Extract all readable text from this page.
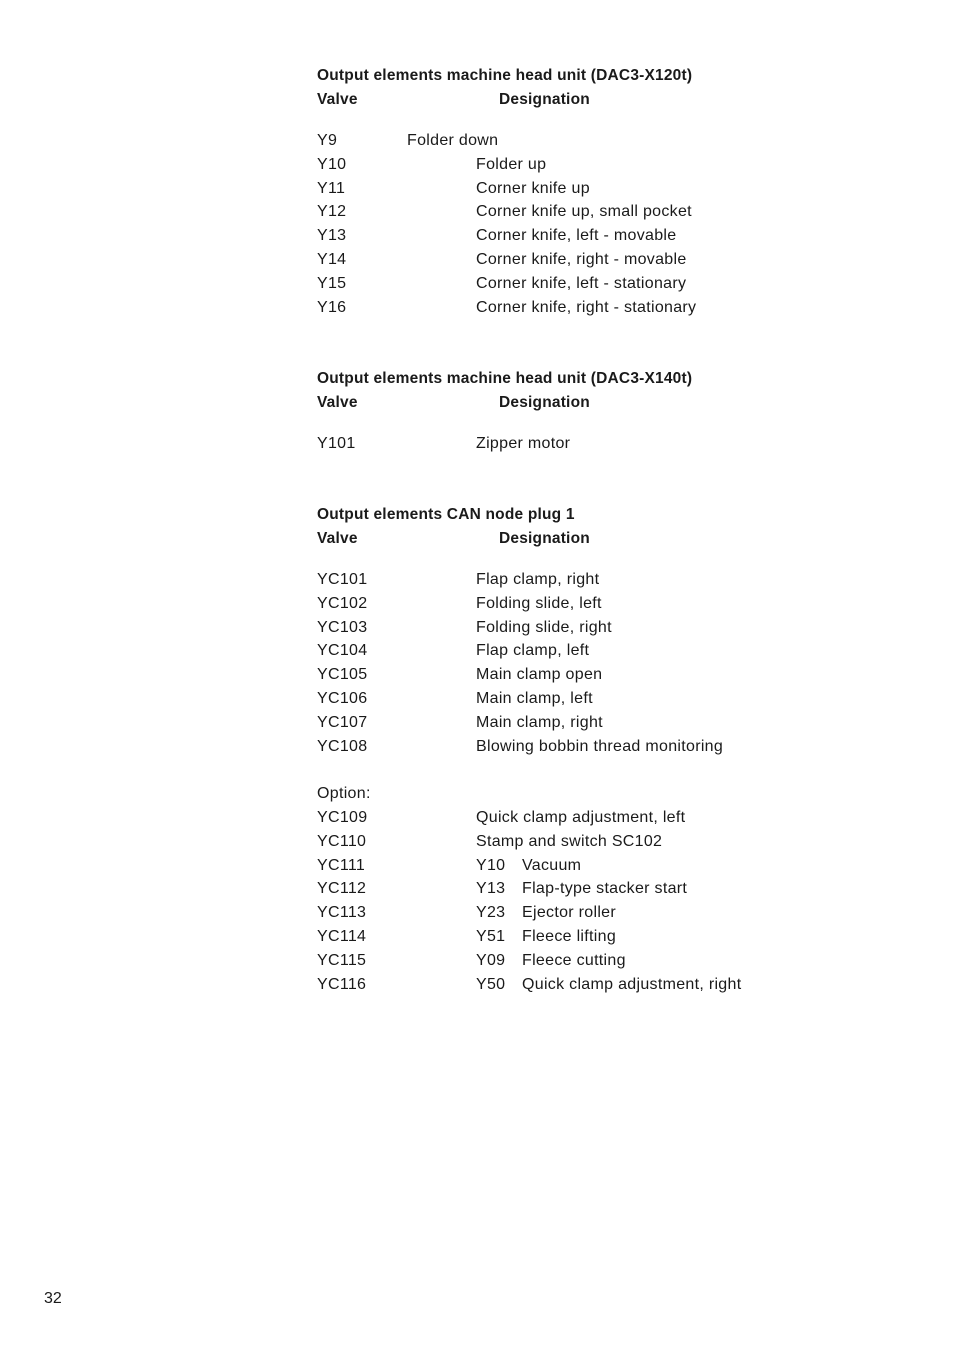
Output elements machine head unit (DAC3-X120t)
Valve	Designation
Y9	Folder down
Y10	Folder up
Y11	Corner knife up
Y12	Corner knife up, small pocket
Y13	Corner knife, left - movable
Y14	Corner knife, right - movable
Y15	Corner knife, left - stationary
Y16	Corner knife, right - stationary
Output elements machine head unit (DAC3-X140t)
Valve	Designation
Y101	Zipper motor
Output elements CAN node plug 1
Valve	Designation
YC101	Flap clamp, right
YC102	Folding slide, left
YC103	Folding slide, right
YC104	Flap clamp, left
YC105	Main clamp open
YC106	Main clamp, left
YC107	Main clamp, right
YC108	Blowing bobbin thread monitoring
Option:
YC109	Quick clamp adjustment, left
YC110	Stamp and switch SC102
YC111	Y10 Vacuum
YC112	Y13 Flap-type stacker start
YC113	Y23 Ejector roller
YC114	Y51 Fleece lifting
YC115	Y09 Fleece cutting
YC116	Y50 Quick clamp adjustment, right
32
